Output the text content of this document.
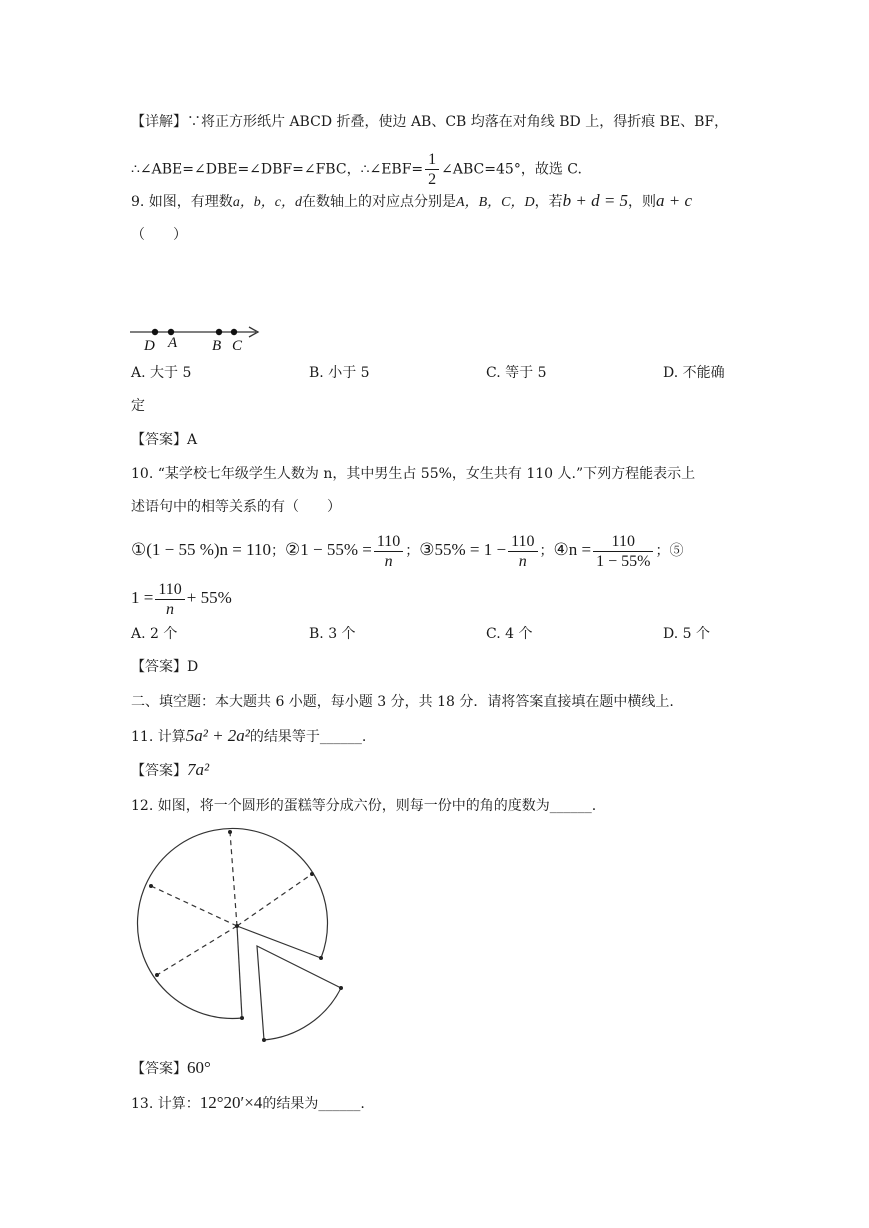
【详解】∵将正方形纸片 ABCD 折叠，使边 AB、CB 均落在对角线 BD 上，得折痕 BE、BF，
∴∠ABE=∠DBE=∠DBF=∠FBC，∴∠EBF= $\frac{1}{2}$ ∠ABC=45°，故选 C.
9. 如图，有理数a，b，c，d在数轴上的对应点分别是A，B，C，D，若b + d = 5，则a + c
（　　）
D A B C
A. 大于 5	B. 小于 5	C. 等于 5	D. 不能确
定
【答案】A
10. “某学校七年级学生人数为 n，其中男生占 55%，女生共有 110 人.”下列方程能表示上
述语句中的相等关系的有（　　）
①(1 − 55 %)n = 110；②1 − $55\% = \frac{110}{n}$ ；③55% = $1 - \frac{110}{n}$ ；④n = $\frac{110}{1 - 55\%}$ ；⑤
$1 = \frac{110}{n} + 55\%$
A. 2 个	B. 3 个	C. 4 个	D. 5 个
【答案】D
二、填空题：本大题共 6 小题，每小题 3 分，共 18 分．请将答案直接填在题中横线上.
11. 计算5a² + 2a²的结果等于______.
【答案】7a²
12. 如图，将一个圆形的蛋糕等分成六份，则每一份中的角的度数为______.
【答案】60°
13. 计算：12°20′×4的结果为______.
